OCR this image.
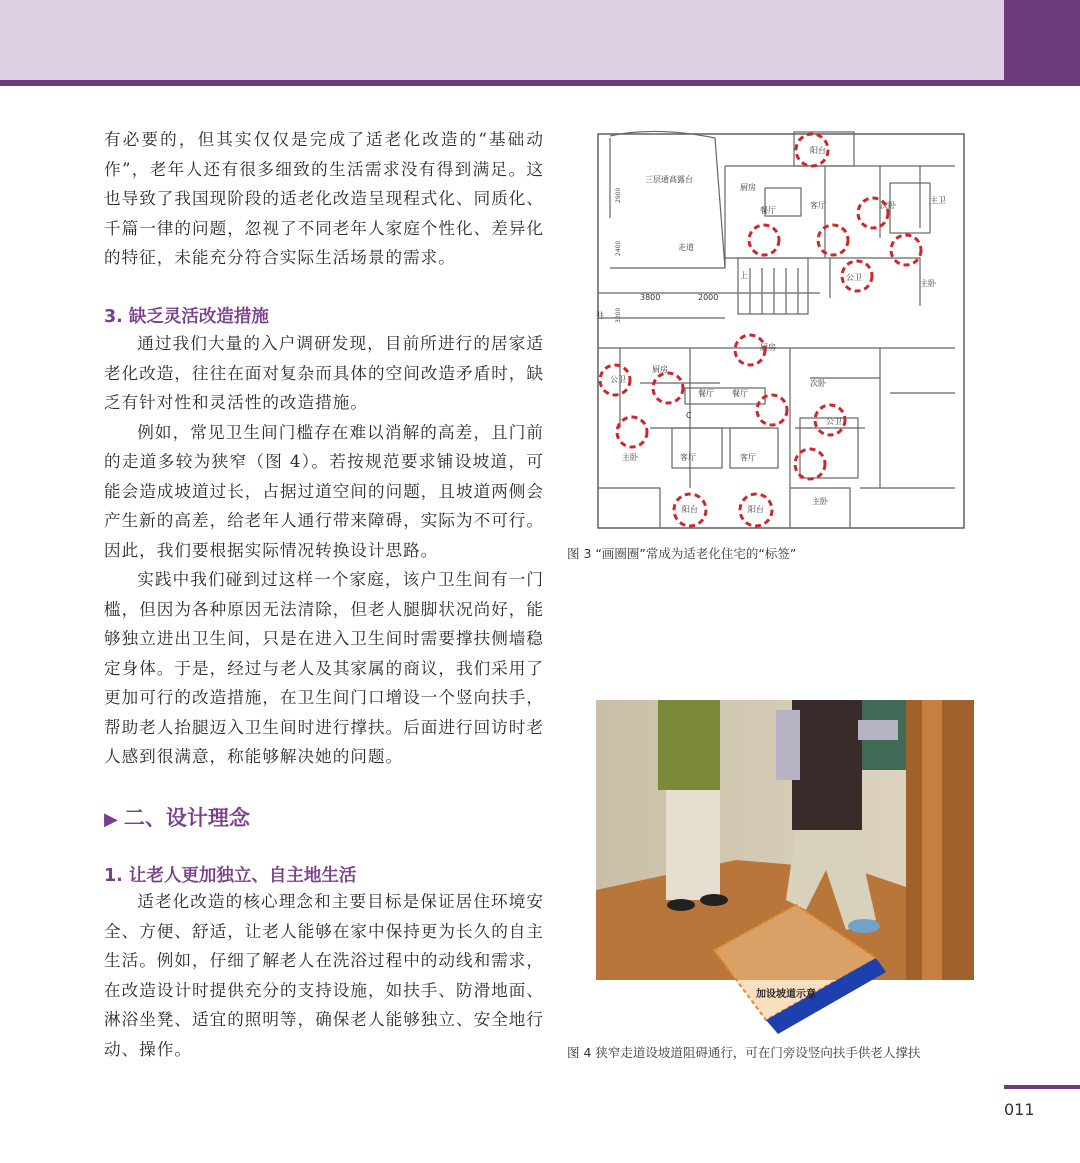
有必要的，但其实仅仅是完成了适老化改造的“基础动作”，老年人还有很多细致的生活需求没有得到满足。这也导致了我国现阶段的适老化改造呈现程式化、同质化、千篇一律的问题，忽视了不同老年人家庭个性化、差异化的特征，未能充分符合实际生活场景的需求。

3. 缺乏灵活改造措施

通过我们大量的入户调研发现，目前所进行的居家适老化改造，往往在面对复杂而具体的空间改造矛盾时，缺乏有针对性和灵活性的改造措施。

例如，常见卫生间门槛存在难以消解的高差，且门前的走道多较为狭窄（图 4）。若按规范要求铺设坡道，可能会造成坡道过长，占据过道空间的问题，且坡道两侧会产生新的高差，给老年人通行带来障碍，实际为不可行。因此，我们要根据实际情况转换设计思路。

实践中我们碰到过这样一个家庭，该户卫生间有一门槛，但因为各种原因无法清除，但老人腿脚状况尚好，能够独立进出卫生间，只是在进入卫生间时需要撑扶侧墙稳定身体。于是，经过与老人及其家属的商议，我们采用了更加可行的改造措施，在卫生间门口增设一个竖向扶手，帮助老人抬腿迈入卫生间时进行撑扶。后面进行回访时老人感到很满意，称能够解决她的问题。

▶ 二、设计理念
1. 让老人更加独立、自主地生活

适老化改造的核心理念和主要目标是保证居住环境安全、方便、舒适，让老人能够在家中保持更为长久的自主生活。例如，仔细了解老人在洗浴过程中的动线和需求，在改造设计时提供充分的支持设施，如扶手、防滑地面、淋浴坐凳、适宜的照明等，确保老人能够独立、安全地行动、操作。

阳台
三层通高露台
厨房
餐厅
客厅	次卧
主卫
主卧
走道
上	公卫
3800	2000
井
厨房
公卫
厨房
餐厅 餐厅
C
客厅	客厅
次卧
公卫
主卧
主卧
阳台	阳台
2900
3200
2400

图 3 “画圈圈”常成为适老化住宅的“标签”

加设坡道示意

图 4 狭窄走道设坡道阻碍通行，可在门旁设竖向扶手供老人撑扶

011
